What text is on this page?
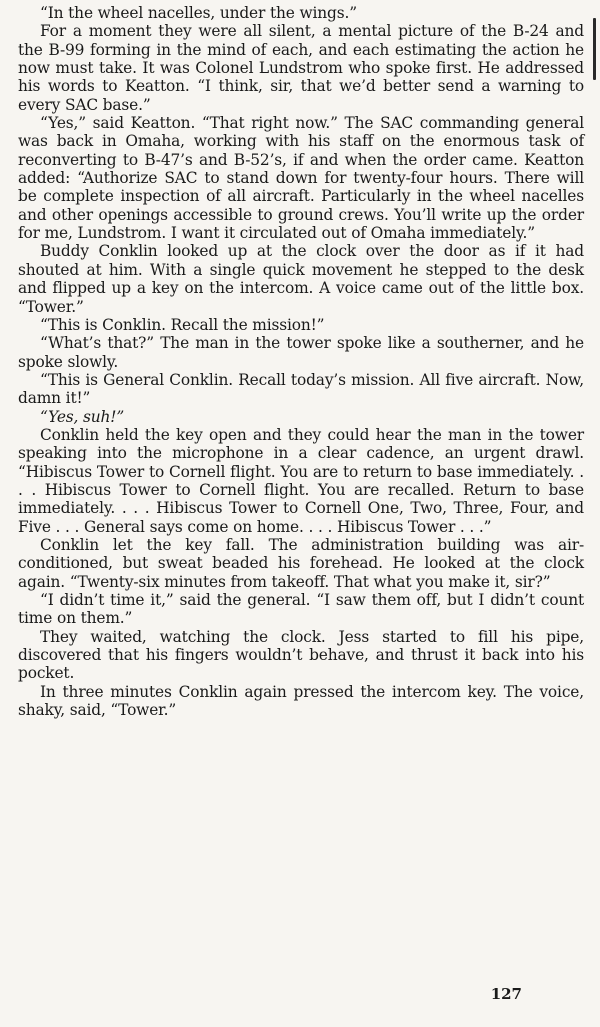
“In the wheel nacelles, under the wings.”

For a moment they were all silent, a mental picture of the B-24 and the B-99 forming in the mind of each, and each estimating the action he now must take. It was Colonel Lundstrom who spoke first. He addressed his words to Keatton. “I think, sir, that we’d better send a warning to every SAC base.”

“Yes,” said Keatton. “That right now.” The SAC commanding general was back in Omaha, working with his staff on the enormous task of reconverting to B-47’s and B-52’s, if and when the order came. Keatton added: “Authorize SAC to stand down for twenty-four hours. There will be complete inspection of all aircraft. Particularly in the wheel nacelles and other openings accessible to ground crews. You’ll write up the order for me, Lundstrom. I want it circulated out of Omaha immediately.”

Buddy Conklin looked up at the clock over the door as if it had shouted at him. With a single quick movement he stepped to the desk and flipped up a key on the intercom. A voice came out of the little box. “Tower.”

“This is Conklin. Recall the mission!”

“What’s that?” The man in the tower spoke like a southerner, and he spoke slowly.

“This is General Conklin. Recall today’s mission. All five aircraft. Now, damn it!”

“Yes, suh!”

Conklin held the key open and they could hear the man in the tower speaking into the microphone in a clear cadence, an urgent drawl. “Hibiscus Tower to Cornell flight. You are to return to base immediately. . . . Hibiscus Tower to Cornell flight. You are recalled. Return to base immediately. . . . Hibiscus Tower to Cornell One, Two, Three, Four, and Five . . . General says come on home. . . . Hibiscus Tower . . .”

Conklin let the key fall. The administration building was air-conditioned, but sweat beaded his forehead. He looked at the clock again. “Twenty-six minutes from takeoff. That what you make it, sir?”

“I didn’t time it,” said the general. “I saw them off, but I didn’t count time on them.”

They waited, watching the clock. Jess started to fill his pipe, discovered that his fingers wouldn’t behave, and thrust it back into his pocket.

In three minutes Conklin again pressed the intercom key. The voice, shaky, said, “Tower.”

127
